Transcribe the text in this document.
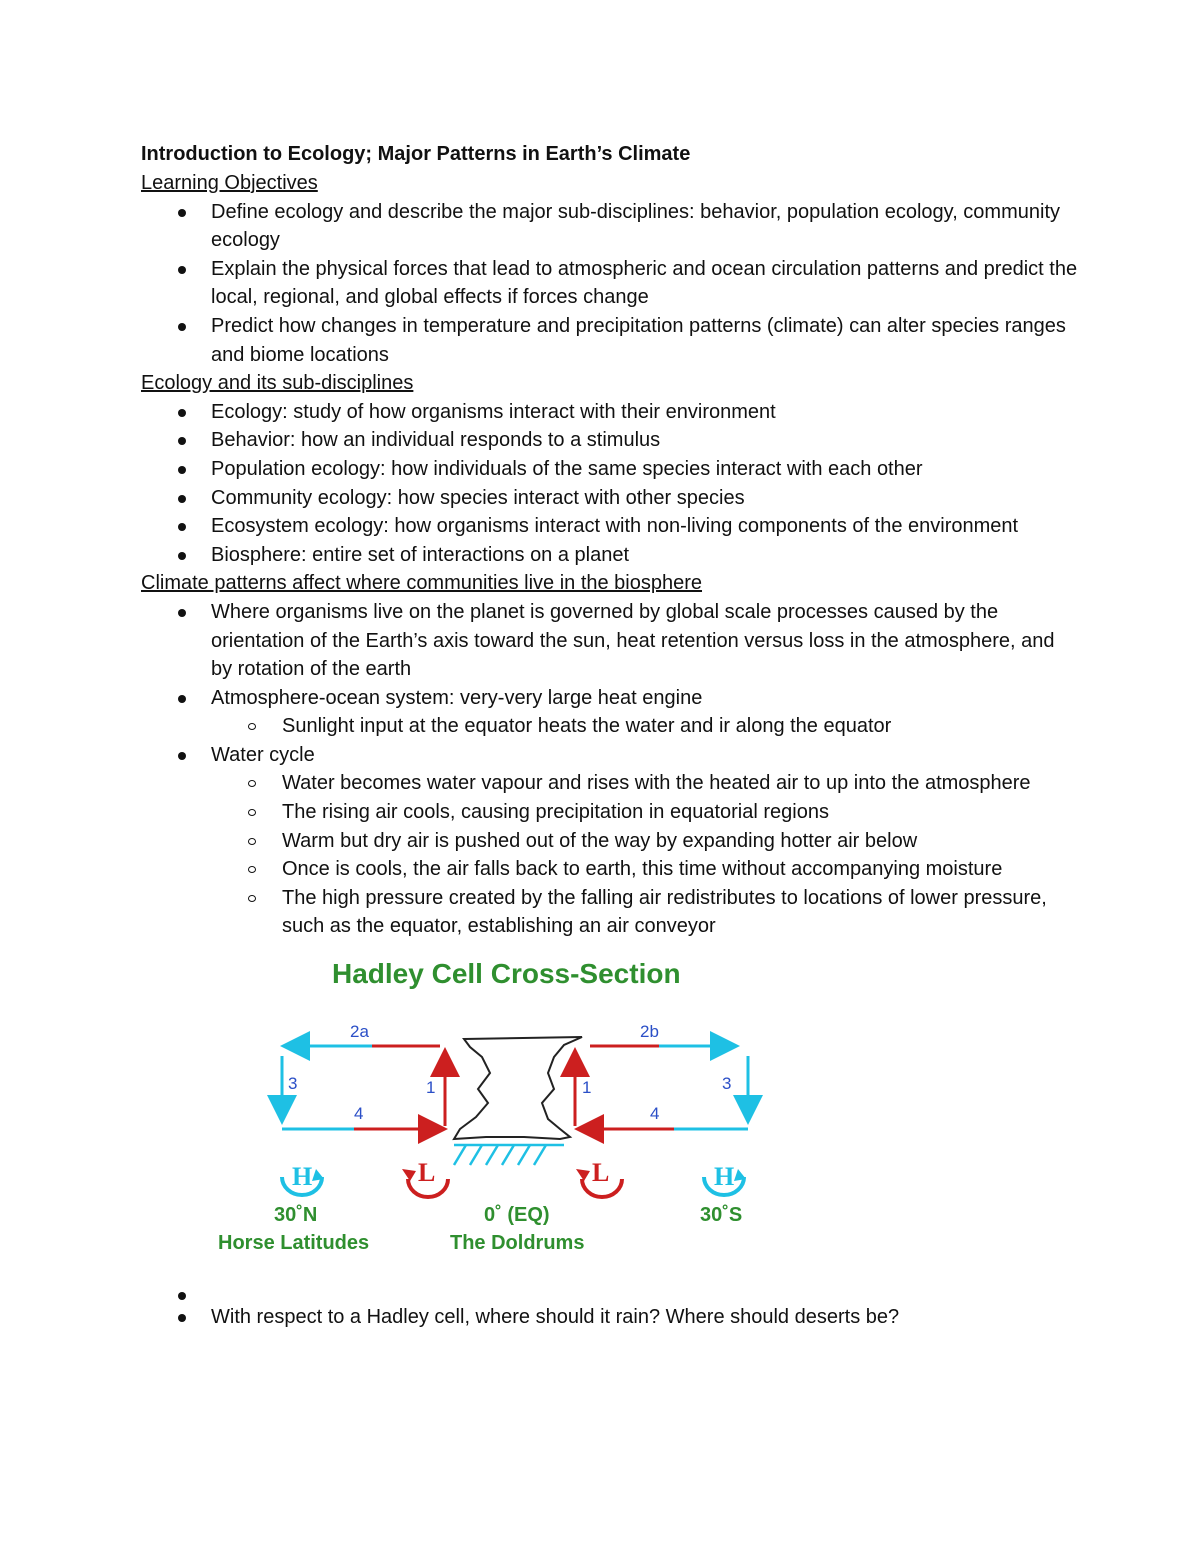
Introduction to Ecology; Major Patterns in Earth’s Climate

Learning Objectives

Define ecology and describe the major sub-disciplines: behavior, population ecology, community ecology
Explain the physical forces that lead to atmospheric and ocean circulation patterns and predict the local, regional, and global effects if forces change
Predict how changes in temperature and precipitation patterns (climate) can alter species ranges and biome locations

Ecology and its sub-disciplines

Ecology: study of how organisms interact with their environment
Behavior: how an individual responds to a stimulus
Population ecology: how individuals of the same species interact with each other
Community ecology: how species interact with other species
Ecosystem ecology: how organisms interact with non-living components of the environment
Biosphere: entire set of interactions on a planet

Climate patterns affect where communities live in the biosphere

Where organisms live on the planet is governed by global scale processes caused by the orientation of the Earth’s axis toward the sun, heat retention versus loss in the atmosphere, and by rotation of the earth
Atmosphere-ocean system: very-very large heat engine
Sunlight input at the equator heats the water and ir along the equator
Water cycle
Water becomes water vapour and rises with the heated air to up into the atmosphere
The rising air cools, causing precipitation in equatorial regions
Warm but dry air is pushed out of the way by expanding hotter air below
Once is cools, the air falls back to earth, this time without accompanying moisture
The high pressure created by the falling air redistributes to locations of lower pressure, such as the equator, establishing an air conveyor
Hadley Cell Cross-Section
2a	2b
3	3
1	1
4	4
H	L	L	H
30˚N	0˚ (EQ)	30˚S
Horse Latitudes	The Doldrums
With respect to a Hadley cell, where should it rain? Where should deserts be?
